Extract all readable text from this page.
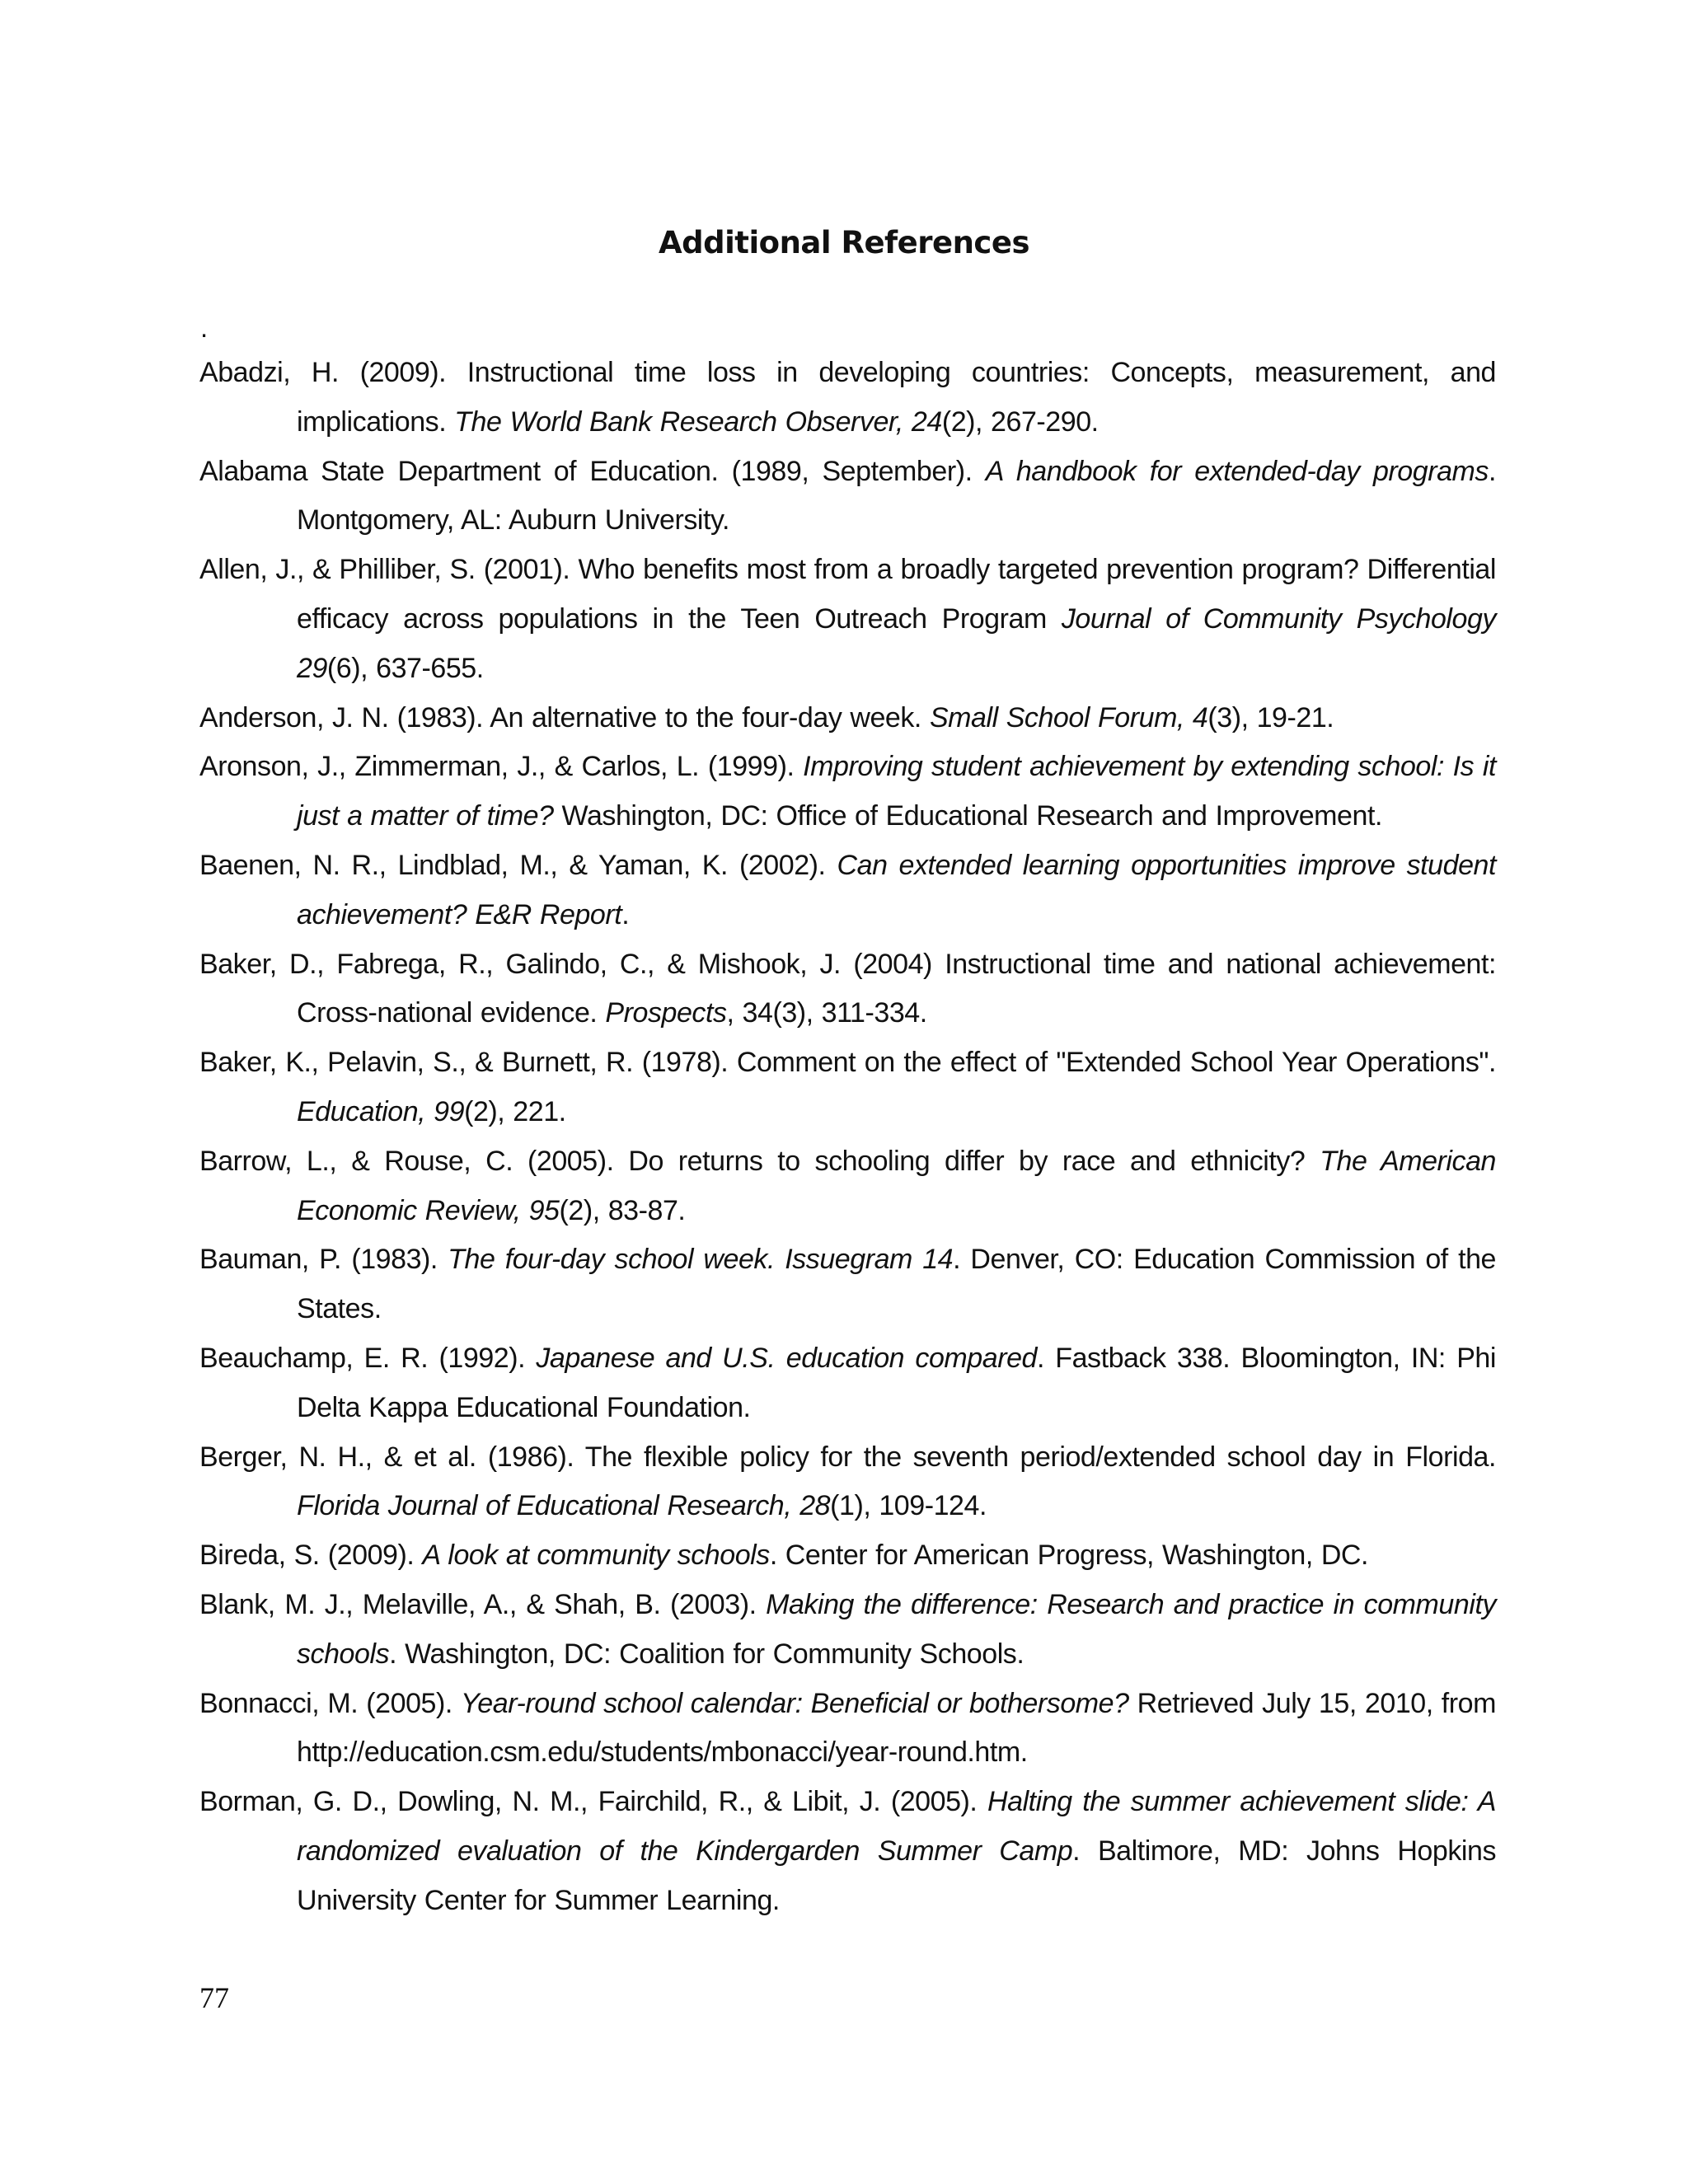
Additional References
.
Abadzi, H. (2009). Instructional time loss in developing countries: Concepts, measurement, and implications. The World Bank Research Observer, 24(2), 267-290.
Alabama State Department of Education. (1989, September). A handbook for extended-day programs. Montgomery, AL: Auburn University.
Allen, J., & Philliber, S. (2001). Who benefits most from a broadly targeted prevention program? Differential efficacy across populations in the Teen Outreach Program Journal of Community Psychology 29(6), 637-655.
Anderson, J. N. (1983). An alternative to the four-day week. Small School Forum, 4(3), 19-21.
Aronson, J., Zimmerman, J., & Carlos, L. (1999). Improving student achievement by extending school: Is it just a matter of time? Washington, DC: Office of Educational Research and Improvement.
Baenen, N. R., Lindblad, M., & Yaman, K. (2002). Can extended learning opportunities improve student achievement? E&R Report.
Baker, D., Fabrega, R., Galindo, C., & Mishook, J. (2004) Instructional time and national achievement: Cross-national evidence. Prospects, 34(3), 311-334.
Baker, K., Pelavin, S., & Burnett, R. (1978). Comment on the effect of "Extended School Year Operations". Education, 99(2), 221.
Barrow, L., & Rouse, C. (2005). Do returns to schooling differ by race and ethnicity? The American Economic Review, 95(2), 83-87.
Bauman, P. (1983). The four-day school week. Issuegram 14. Denver, CO: Education Commission of the States.
Beauchamp, E. R. (1992). Japanese and U.S. education compared. Fastback 338. Bloomington, IN: Phi Delta Kappa Educational Foundation.
Berger, N. H., & et al. (1986). The flexible policy for the seventh period/extended school day in Florida. Florida Journal of Educational Research, 28(1), 109-124.
Bireda, S. (2009). A look at community schools. Center for American Progress, Washington, DC.
Blank, M. J., Melaville, A., & Shah, B. (2003). Making the difference: Research and practice in community schools. Washington, DC: Coalition for Community Schools.
Bonnacci, M. (2005). Year-round school calendar: Beneficial or bothersome? Retrieved July 15, 2010, from http://education.csm.edu/students/mbonacci/year-round.htm.
Borman, G. D., Dowling, N. M., Fairchild, R., & Libit, J. (2005). Halting the summer achievement slide: A randomized evaluation of the Kindergarden Summer Camp. Baltimore, MD: Johns Hopkins University Center for Summer Learning.
77
